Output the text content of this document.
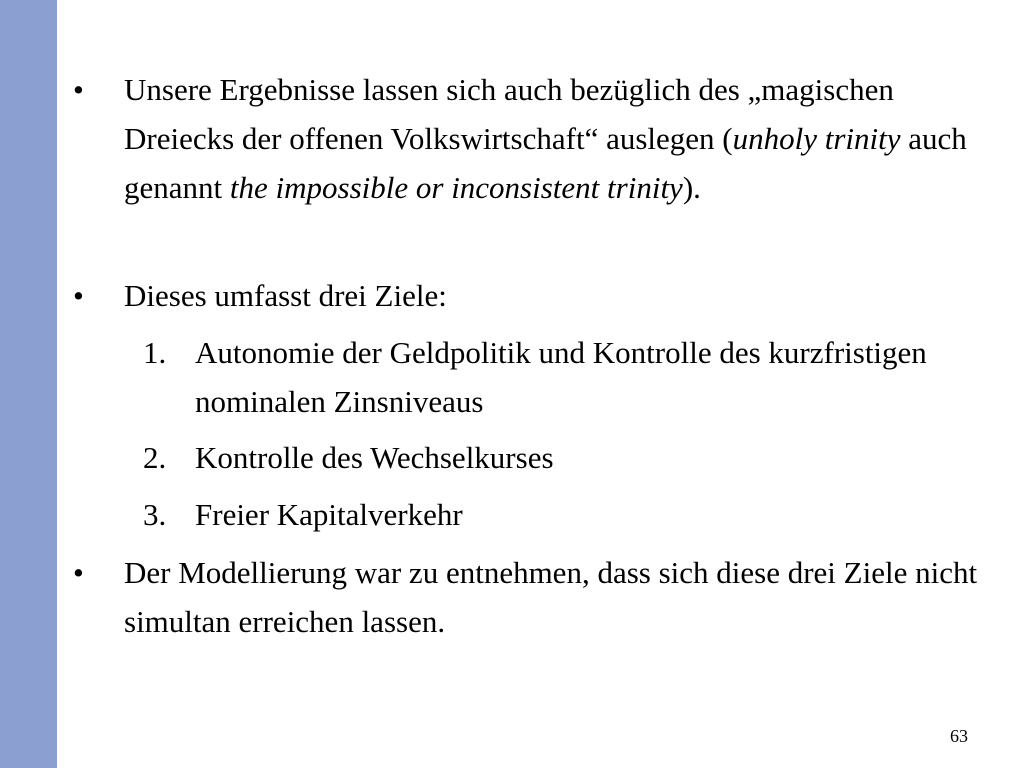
• Unsere Ergebnisse lassen sich auch bezüglich des „magischen Dreiecks der offenen Volkswirtschaft“ auslegen (unholy trinity auch genannt the impossible or inconsistent trinity).
• Dieses umfasst drei Ziele:
1. Autonomie der Geldpolitik und Kontrolle des kurzfristigen nominalen Zinsniveaus
2. Kontrolle des Wechselkurses
3. Freier Kapitalverkehr
• Der Modellierung war zu entnehmen, dass sich diese drei Ziele nicht simultan erreichen lassen.
63
